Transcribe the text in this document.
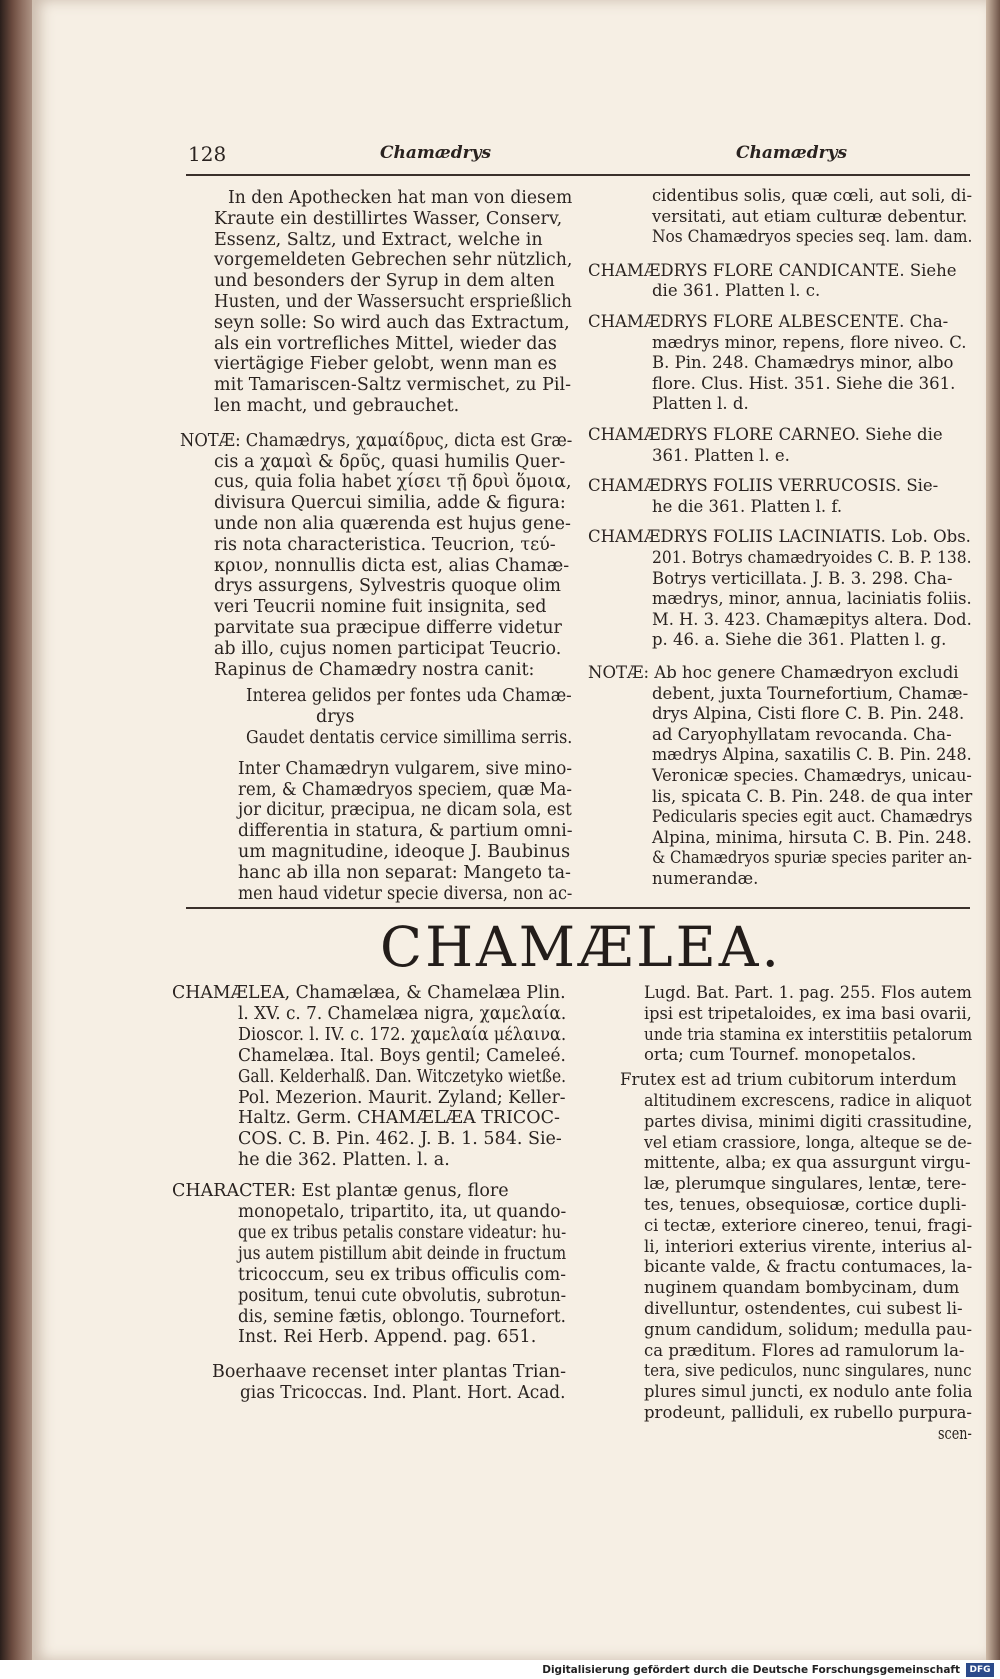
128	Chamædrys	Chamædrys
In den Apothecken hat man von diesem
Kraute ein destillirtes Wasser, Conserv,
Essenz, Saltz, und Extract, welche in
vorgemeldeten Gebrechen sehr nützlich,
und besonders der Syrup in dem alten
Husten, und der Wassersucht ersprießlich
seyn solle: So wird auch das Extractum,
als ein vortrefliches Mittel, wieder das
viertägige Fieber gelobt, wenn man es
mit Tamariscen-Saltz vermischet, zu Pil-
len macht, und gebrauchet.
NOTÆ: Chamædrys, χαμαίδρυς, dicta est Græ-
cis a χαμαὶ & δρῦς, quasi humilis Quer-
cus, quia folia habet χίσει τῇ δρυὶ ὅμοια,
divisura Quercui similia, adde & figura:
unde non alia quærenda est hujus gene-
ris nota characteristica. Teucrion, τεύ-
κριον, nonnullis dicta est, alias Chamæ-
drys assurgens, Sylvestris quoque olim
veri Teucrii nomine fuit insignita, sed
parvitate sua præcipue differre videtur
ab illo, cujus nomen participat Teucrio.
Rapinus de Chamædry nostra canit:
Interea gelidos per fontes uda Chamæ-
drys
Gaudet dentatis cervice simillima serris.
Inter Chamædryn vulgarem, sive mino-
rem, & Chamædryos speciem, quæ Ma-
jor dicitur, præcipua, ne dicam sola, est
differentia in statura, & partium omni-
um magnitudine, ideoque J. Baubinus
hanc ab illa non separat: Mangeto ta-
men haud videtur specie diversa, non ac-
cidentibus solis, quæ cœli, aut soli, di-
versitati, aut etiam culturæ debentur.
Nos Chamædryos species seq. lam. dam.
CHAMÆDRYS FLORE CANDICANTE. Siehe
die 361. Platten l. c.
CHAMÆDRYS FLORE ALBESCENTE. Cha-
mædrys minor, repens, flore niveo. C.
B. Pin. 248. Chamædrys minor, albo
flore. Clus. Hist. 351. Siehe die 361.
Platten l. d.
CHAMÆDRYS FLORE CARNEO. Siehe die
361. Platten l. e.
CHAMÆDRYS FOLIIS VERRUCOSIS. Sie-
he die 361. Platten l. f.
CHAMÆDRYS FOLIIS LACINIATIS. Lob. Obs.
201. Botrys chamædryoides C. B. P. 138.
Botrys verticillata. J. B. 3. 298. Cha-
mædrys, minor, annua, laciniatis foliis.
M. H. 3. 423. Chamæpitys altera. Dod.
p. 46. a. Siehe die 361. Platten l. g.
NOTÆ: Ab hoc genere Chamædryon excludi
debent, juxta Tournefortium, Chamæ-
drys Alpina, Cisti flore C. B. Pin. 248.
ad Caryophyllatam revocanda. Cha-
mædrys Alpina, saxatilis C. B. Pin. 248.
Veronicæ species. Chamædrys, unicau-
lis, spicata C. B. Pin. 248. de qua inter
Pedicularis species egit auct. Chamædrys
Alpina, minima, hirsuta C. B. Pin. 248.
& Chamædryos spuriæ species pariter an-
numerandæ.
CHAMÆLEA.
CHAMÆLEA, Chamælæa, & Chamelæa Plin.
l. XV. c. 7. Chamelæa nigra, χαμελαία.
Dioscor. l. IV. c. 172. χαμελαία μέλαινα.
Chamelæa. Ital. Boys gentil; Cameleé.
Gall. Kelderhalß. Dan. Witczetyko wietße.
Pol. Mezerion. Maurit. Zyland; Keller-
Haltz. Germ. CHAMÆLÆA TRICOC-
COS. C. B. Pin. 462. J. B. 1. 584. Sie-
he die 362. Platten. l. a.
CHARACTER: Est plantæ genus, flore
monopetalo, tripartito, ita, ut quando-
que ex tribus petalis constare videatur: hu-
jus autem pistillum abit deinde in fructum
tricoccum, seu ex tribus officulis com-
positum, tenui cute obvolutis, subrotun-
dis, semine fætis, oblongo. Tournefort.
Inst. Rei Herb. Append. pag. 651.
Boerhaave recenset inter plantas Trian-
gias Tricoccas. Ind. Plant. Hort. Acad.
Lugd. Bat. Part. 1. pag. 255. Flos autem
ipsi est tripetaloides, ex ima basi ovarii,
unde tria stamina ex interstitiis petalorum
orta; cum Tournef. monopetalos.
Frutex est ad trium cubitorum interdum
altitudinem excrescens, radice in aliquot
partes divisa, minimi digiti crassitudine,
vel etiam crassiore, longa, alteque se de-
mittente, alba; ex qua assurgunt virgu-
læ, plerumque singulares, lentæ, tere-
tes, tenues, obsequiosæ, cortice dupli-
ci tectæ, exteriore cinereo, tenui, fragi-
li, interiori exterius virente, interius al-
bicante valde, & fractu contumaces, la-
nuginem quandam bombycinam, dum
divelluntur, ostendentes, cui subest li-
gnum candidum, solidum; medulla pau-
ca præditum. Flores ad ramulorum la-
tera, sive pediculos, nunc singulares, nunc
plures simul juncti, ex nodulo ante folia
prodeunt, palliduli, ex rubello purpura-
scen-
Digitalisierung gefördert durch die Deutsche Forschungsgemeinschaft	DFG
